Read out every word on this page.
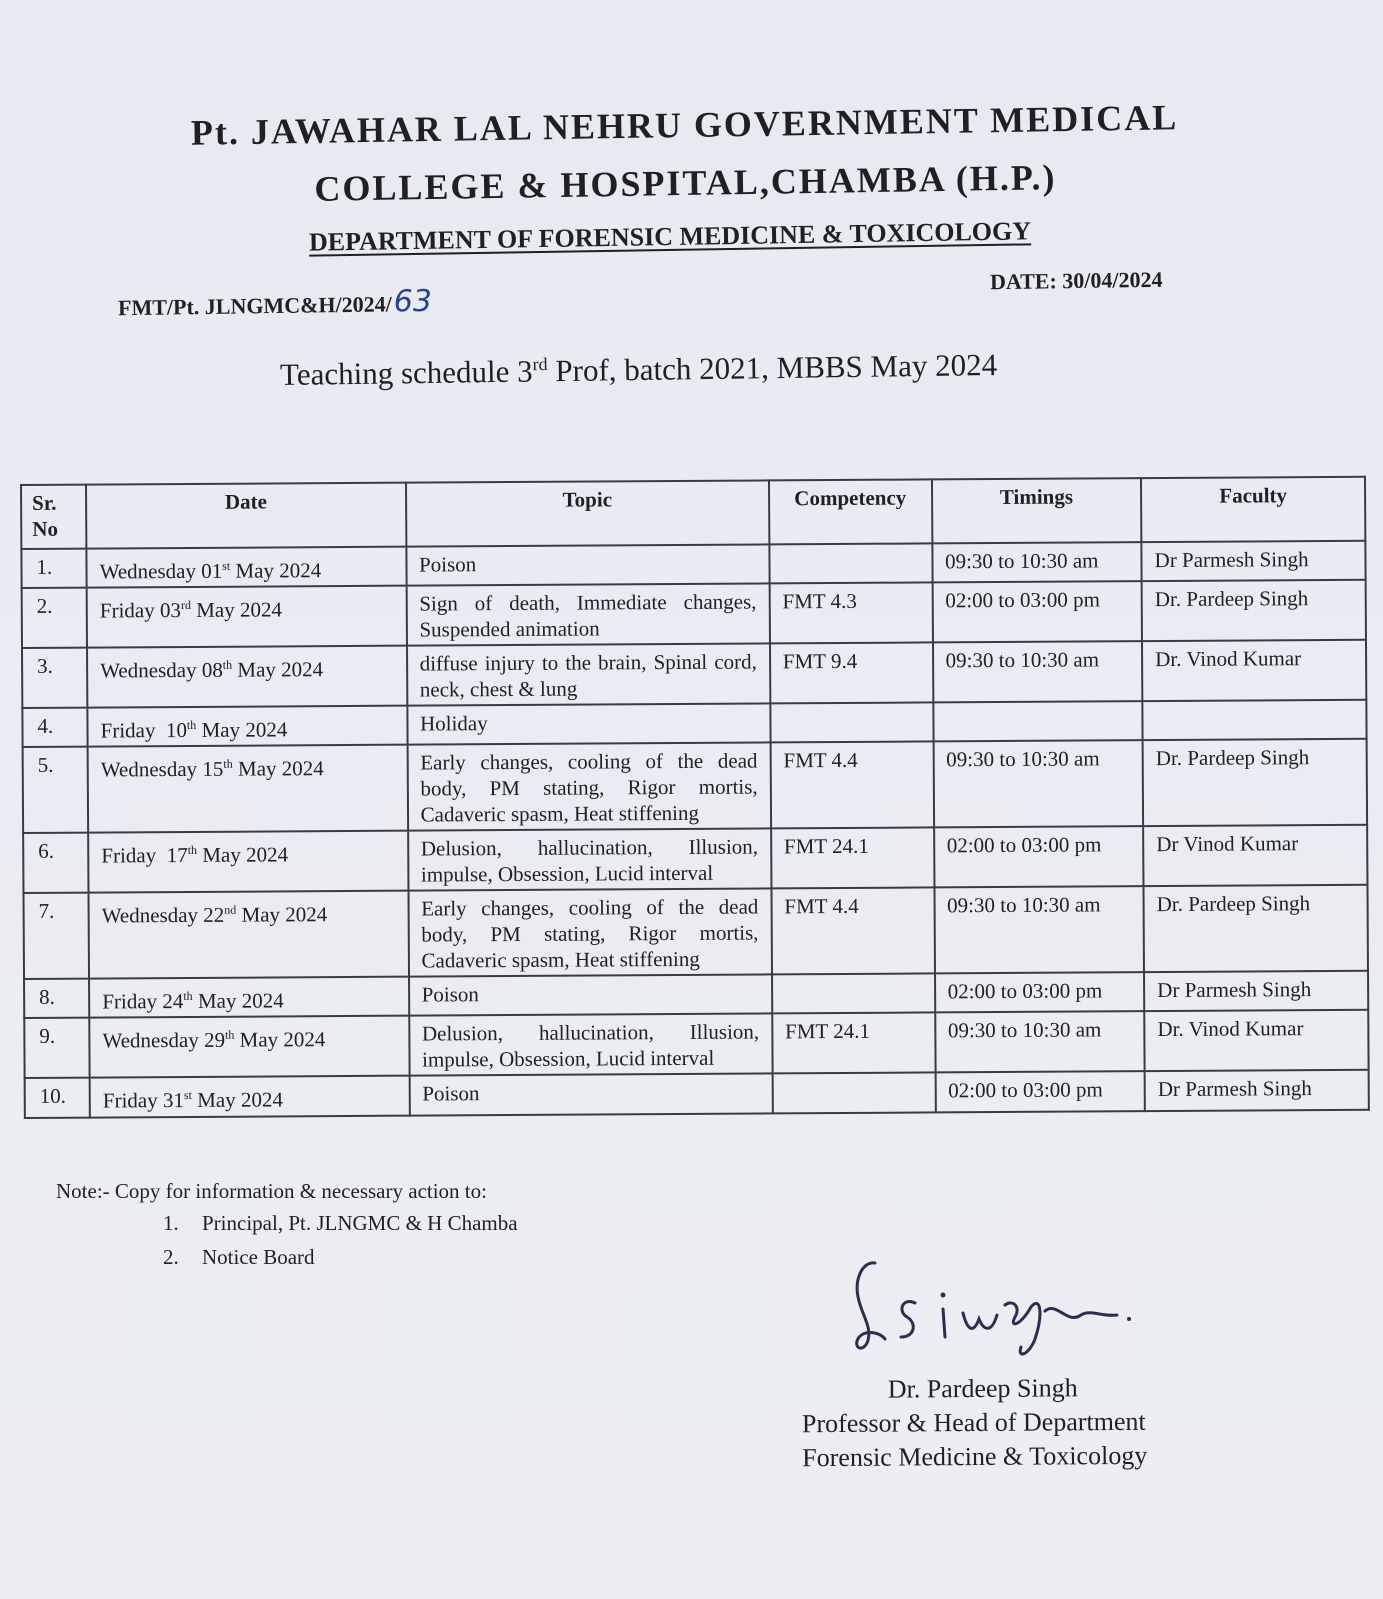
Pt. JAWAHAR LAL NEHRU GOVERNMENT MEDICAL
COLLEGE & HOSPITAL,CHAMBA (H.P.)
DEPARTMENT OF FORENSIC MEDICINE & TOXICOLOGY
FMT/Pt. JLNGMC&H/2024/63
DATE: 30/04/2024
Teaching schedule 3rd Prof, batch 2021, MBBS May 2024
Sr. No	Date	Topic	Competency	Timings	Faculty
1.	Wednesday 01st May 2024	Poison		09:30 to 10:30 am	Dr Parmesh Singh
2.	Friday 03rd May 2024	Sign of death, Immediate changes, Suspended animation	FMT 4.3	02:00 to 03:00 pm	Dr. Pardeep Singh
3.	Wednesday 08th May 2024	diffuse injury to the brain, Spinal cord, neck, chest & lung	FMT 9.4	09:30 to 10:30 am	Dr. Vinod Kumar
4.	Friday  10th May 2024	Holiday			
5.	Wednesday 15th May 2024	Early changes, cooling of the dead body, PM stating, Rigor mortis, Cadaveric spasm, Heat stiffening	FMT 4.4	09:30 to 10:30 am	Dr. Pardeep Singh
6.	Friday  17th May 2024	Delusion, hallucination, Illusion, impulse, Obsession, Lucid interval	FMT 24.1	02:00 to 03:00 pm	Dr Vinod Kumar
7.	Wednesday 22nd May 2024	Early changes, cooling of the dead body, PM stating, Rigor mortis, Cadaveric spasm, Heat stiffening	FMT 4.4	09:30 to 10:30 am	Dr. Pardeep Singh
8.	Friday 24th May 2024	Poison		02:00 to 03:00 pm	Dr Parmesh Singh
9.	Wednesday 29th May 2024	Delusion, hallucination, Illusion, impulse, Obsession, Lucid interval	FMT 24.1	09:30 to 10:30 am	Dr. Vinod Kumar
10.	Friday 31st May 2024	Poison		02:00 to 03:00 pm	Dr Parmesh Singh
Note:- Copy for information & necessary action to:
1. Principal, Pt. JLNGMC & H Chamba
2. Notice Board
Dr. Pardeep Singh
Professor & Head of Department
Forensic Medicine & Toxicology
